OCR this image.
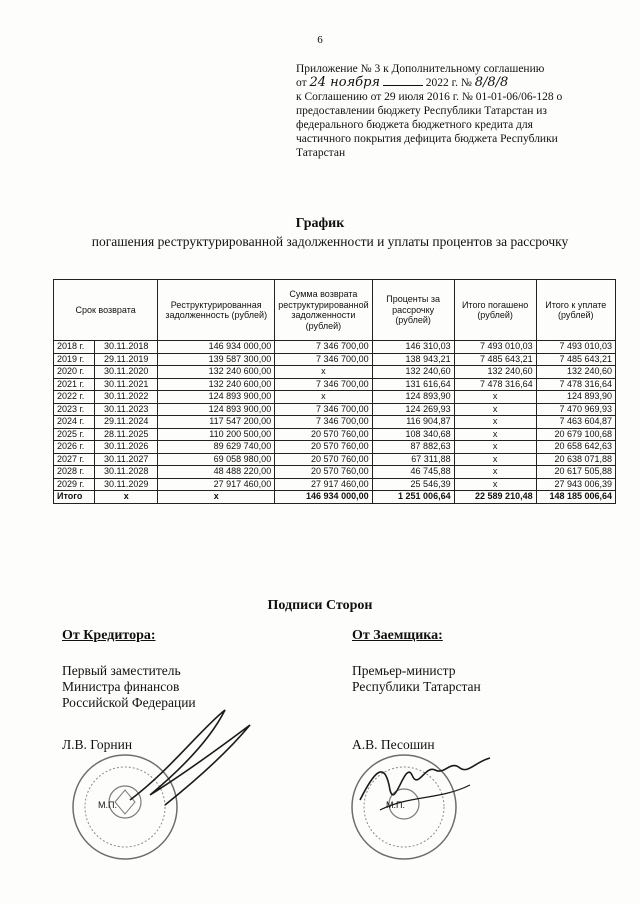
6
Приложение № 3 к Дополнительному соглашению
от 24 ноября	2022 г. № 8/8/8
к Соглашению от 29 июля 2016 г. № 01-01-06/06-128 о
предоставлении бюджету Республики Татарстан из
федерального бюджета бюджетного кредита для
частичного покрытия дефицита бюджета Республики
Татарстан
График
погашения реструктурированной задолженности и уплаты процентов за рассрочку
Срок возврата		Реструктурированная задолженность (рублей)	Сумма возврата реструктурированной задолженности (рублей)	Проценты за рассрочку (рублей)	Итого погашено (рублей)	Итого к уплате (рублей)
2018 г.	30.11.2018	146 934 000,00	7 346 700,00	146 310,03	7 493 010,03	7 493 010,03
2019 г.	29.11.2019	139 587 300,00	7 346 700,00	138 943,21	7 485 643,21	7 485 643,21
2020 г.	30.11.2020	132 240 600,00	х	132 240,60	132 240,60	132 240,60
2021 г.	30.11.2021	132 240 600,00	7 346 700,00	131 616,64	7 478 316,64	7 478 316,64
2022 г.	30.11.2022	124 893 900,00	х	124 893,90	х	124 893,90
2023 г.	30.11.2023	124 893 900,00	7 346 700,00	124 269,93	х	7 470 969,93
2024 г.	29.11.2024	117 547 200,00	7 346 700,00	116 904,87	х	7 463 604,87
2025 г.	28.11.2025	110 200 500,00	20 570 760,00	108 340,68	х	20 679 100,68
2026 г.	30.11.2026	89 629 740,00	20 570 760,00	87 882,63	х	20 658 642,63
2027 г.	30.11.2027	69 058 980,00	20 570 760,00	67 311,88	х	20 638 071,88
2028 г.	30.11.2028	48 488 220,00	20 570 760,00	46 745,88	х	20 617 505,88
2029 г.	30.11.2029	27 917 460,00	27 917 460,00	25 546,39	х	27 943 006,39
Итого	х	х	146 934 000,00	1 251 006,64	22 589 210,48	148 185 006,64
Подписи Сторон
От Кредитора:
Первый заместитель
Министра финансов
Российской Федерации
Л.В. Горнин
От Заемщика:
Премьер-министр
Республики Татарстан
А.В. Песошин
М.П.	М.П.
